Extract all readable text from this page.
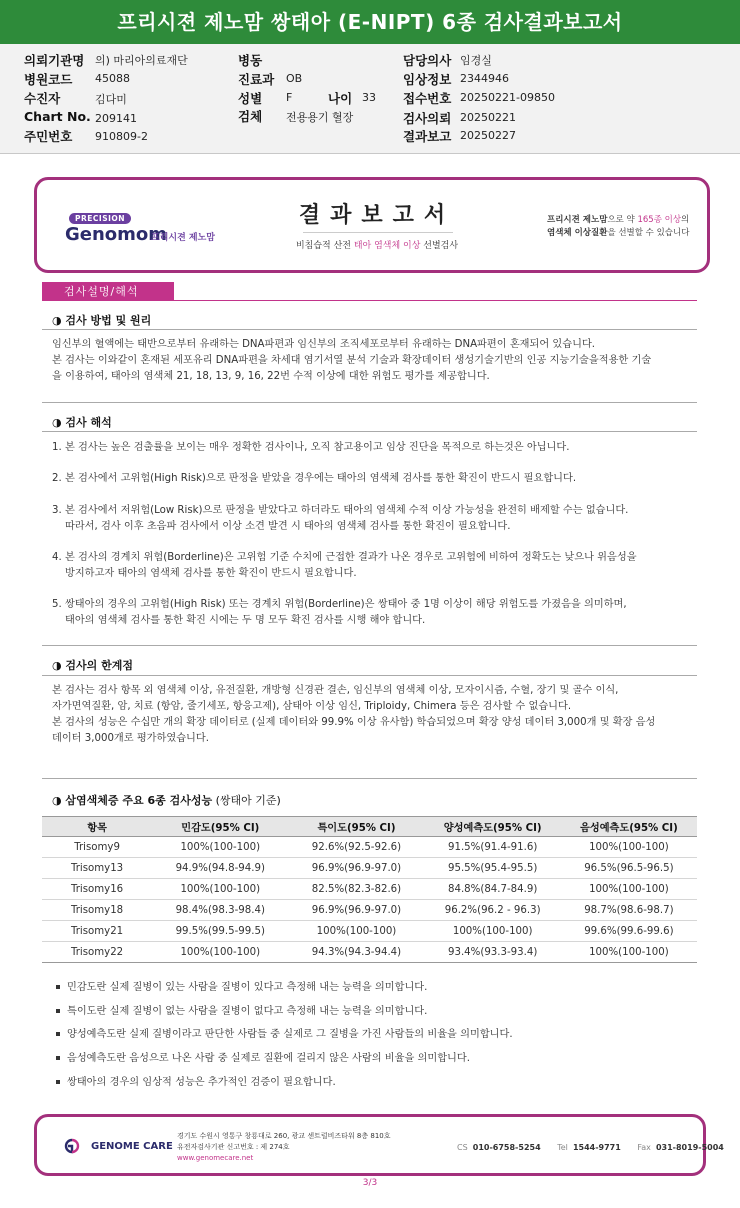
프리시젼 제노맘 쌍태아 (E-NIPT) 6종 검사결과보고서
의뢰기관명 의) 마리아의료재단
병원코드 45088
수진자	김다미
Chart No. 209141
주민번호 910809-2
병동
진료과 OB
성별 F	나이 33
검체 전용용기 혈장
담당의사 임경실
임상정보 2344946
접수번호 20250221-09850
검사의뢰 20250221
결과보고 20250227
PRECISION
Genomom
프리시젼 제노맘
결과보고서
비침습적 산전 태아 염색체 이상 선별검사
프리시젼 제노맘으로 약 165종 이상의
염색체 이상질환을 선별할 수 있습니다
검사설명/해석
◑ 검사 방법 및 원리
임신부의 혈액에는 태반으로부터 유래하는 DNA파편과 임신부의 조직세포로부터 유래하는 DNA파편이 혼재되어 있습니다.
본 검사는 이와같이 혼재된 세포유리 DNA파편을 차세대 염기서열 분석 기술과 확장데이터 생성기술기반의 인공 지능기술을적용한 기술
을 이용하여, 태아의 염색체 21, 18, 13, 9, 16, 22번 수적 이상에 대한 위험도 평가를 제공합니다.
◑ 검사 해석
1. 본 검사는 높은 검출률을 보이는 매우 정확한 검사이나, 오직 참고용이고 임상 진단을 목적으로 하는것은 아닙니다.
2. 본 검사에서 고위험(High Risk)으로 판정을 받았을 경우에는 태아의 염색체 검사를 통한 확진이 반드시 필요합니다.
3. 본 검사에서 저위험(Low Risk)으로 판정을 받았다고 하더라도 태아의 염색체 수적 이상 가능성을 완전히 배제할 수는 없습니다.
따라서, 검사 이후 초음파 검사에서 이상 소견 발견 시 태아의 염색체 검사를 통한 확진이 필요합니다.
4. 본 검사의 경계치 위험(Borderline)은 고위험 기준 수치에 근접한 결과가 나온 경우로 고위험에 비하여 정확도는 낮으나 위음성을
방지하고자 태아의 염색체 검사를 통한 확진이 반드시 필요합니다.
5. 쌍태아의 경우의 고위험(High Risk) 또는 경계치 위험(Borderline)은 쌍태아 중 1명 이상이 해당 위험도를 가졌음을 의미하며,
태아의 염색체 검사를 통한 확진 시에는 두 명 모두 확진 검사를 시행 해야 합니다.
◑ 검사의 한계점
본 검사는 검사 항목 외 염색체 이상, 유전질환, 개방형 신경관 결손, 임신부의 염색체 이상, 모자이시즘, 수혈, 장기 및 골수 이식,
자가면역질환, 암, 치료 (항암, 줄기세포, 항응고제), 삼태아 이상 임신, Triploidy, Chimera 등은 검사할 수 없습니다.
본 검사의 성능은 수십만 개의 확장 데이터로 (실제 데이터와 99.9% 이상 유사함) 학습되었으며 확장 양성 데이터 3,000개 및 확장 음성
데이터 3,000개로 평가하였습니다.
◑ 삼염색체증 주요 6종 검사성능 (쌍태아 기준)
항목	민감도(95% CI)	특이도(95% CI)	양성예측도(95% CI)	음성예측도(95% CI)
Trisomy9	100%(100-100)	92.6%(92.5-92.6)	91.5%(91.4-91.6)	100%(100-100)
Trisomy13	94.9%(94.8-94.9)	96.9%(96.9-97.0)	95.5%(95.4-95.5)	96.5%(96.5-96.5)
Trisomy16	100%(100-100)	82.5%(82.3-82.6)	84.8%(84.7-84.9)	100%(100-100)
Trisomy18	98.4%(98.3-98.4)	96.9%(96.9-97.0)	96.2%(96.2 - 96.3)	98.7%(98.6-98.7)
Trisomy21	99.5%(99.5-99.5)	100%(100-100)	100%(100-100)	99.6%(99.6-99.6)
Trisomy22	100%(100-100)	94.3%(94.3-94.4)	93.4%(93.3-93.4)	100%(100-100)
민감도란 실제 질병이 있는 사람을 질병이 있다고 측정해 내는 능력을 의미합니다.
특이도란 실제 질병이 없는 사람을 질병이 없다고 측정해 내는 능력을 의미합니다.
양성예측도란 실제 질병이라고 판단한 사람들 중 실제로 그 질병을 가진 사람들의 비율을 의미합니다.
음성예측도란 음성으로 나온 사람 중 실제로 질환에 걸리지 않은 사람의 비율을 의미합니다.
쌍태아의 경우의 임상적 성능은 추가적인 검증이 필요합니다.
GENOME CARE
경기도 수원시 영통구 창룡대로 260, 광교 센트럴비즈타워 8층 810호
유전자검사기관 신고번호 : 제 274호
www.genomecare.net
CS 010-6758-5254 Tel 1544-9771 Fax 031-8019-5004
3/3
